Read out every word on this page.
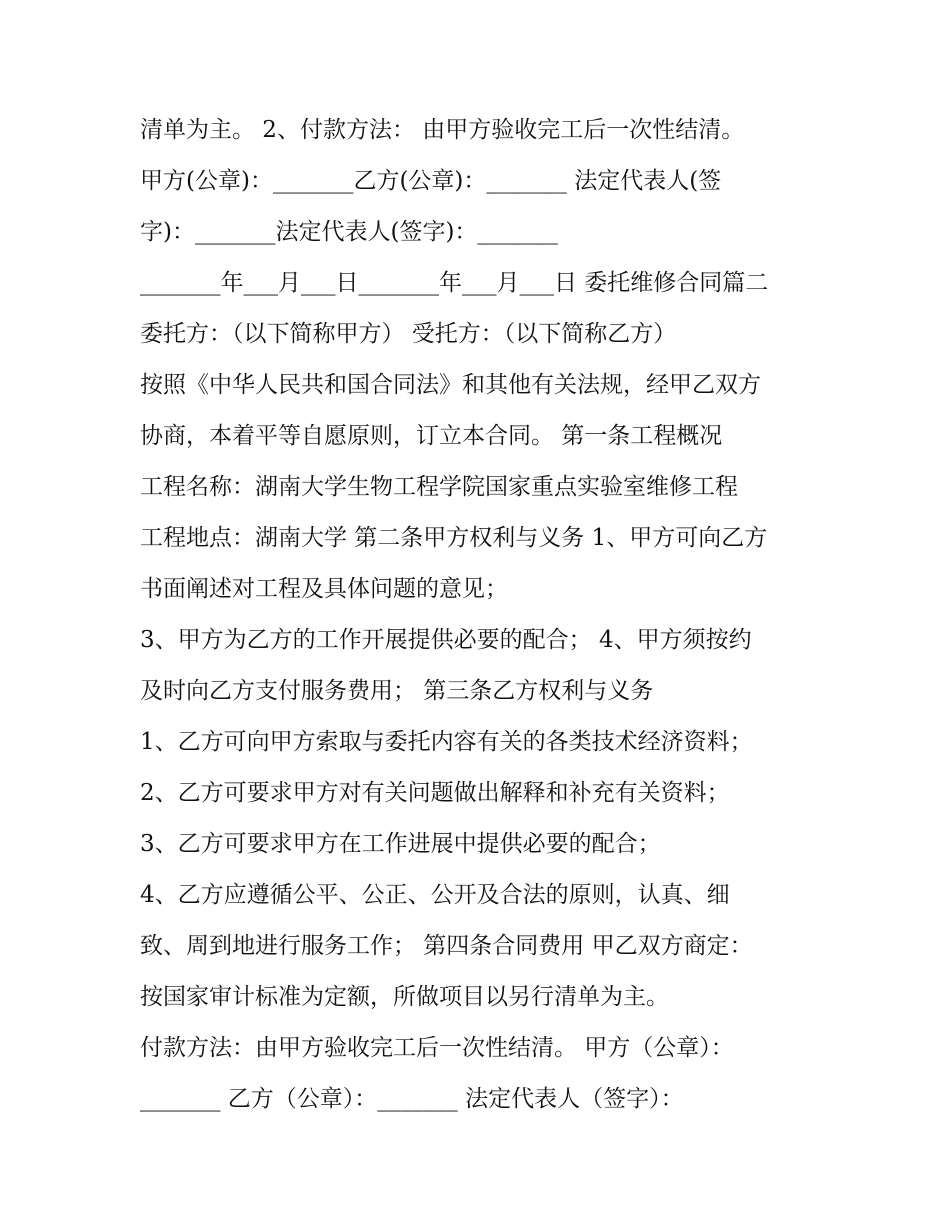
清单为主。 2、付款方法： 由甲方验收完工后一次性结清。
甲方(公章)：_______乙方(公章)：_______ 法定代表人(签
字)：_______法定代表人(签字)：_______
_______年___月___日_______年___月___日 委托维修合同篇二
委托方：（以下简称甲方） 受托方：（以下简称乙方）
按照《中华人民共和国合同法》和其他有关法规，经甲乙双方
协商，本着平等自愿原则，订立本合同。 第一条工程概况
工程名称：湖南大学生物工程学院国家重点实验室维修工程
工程地点：湖南大学 第二条甲方权利与义务 1、甲方可向乙方
书面阐述对工程及具体问题的意见；
3、甲方为乙方的工作开展提供必要的配合； 4、甲方须按约
及时向乙方支付服务费用； 第三条乙方权利与义务
1、乙方可向甲方索取与委托内容有关的各类技术经济资料；
2、乙方可要求甲方对有关问题做出解释和补充有关资料；
3、乙方可要求甲方在工作进展中提供必要的配合；
4、乙方应遵循公平、公正、公开及合法的原则，认真、细
致、周到地进行服务工作； 第四条合同费用 甲乙双方商定：
按国家审计标准为定额，所做项目以另行清单为主。
付款方法：由甲方验收完工后一次性结清。 甲方（公章）：
_______ 乙方（公章）：_______ 法定代表人（签字）：
